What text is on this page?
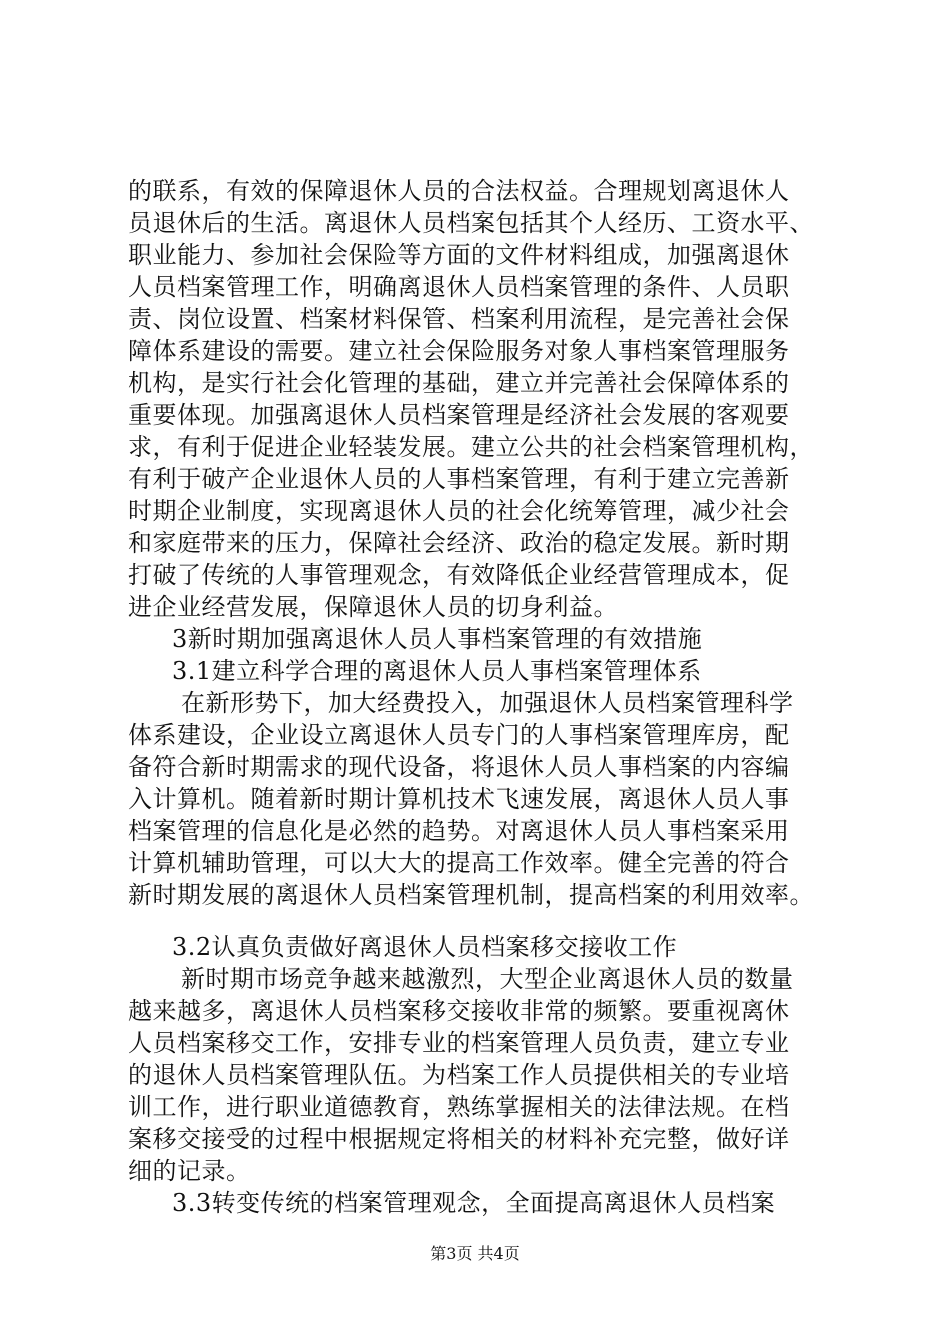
的联系，有效的保障退休人员的合法权益。合理规划离退休人
员退休后的生活。离退休人员档案包括其个人经历、工资水平、
职业能力、参加社会保险等方面的文件材料组成，加强离退休
人员档案管理工作，明确离退休人员档案管理的条件、人员职
责、岗位设置、档案材料保管、档案利用流程，是完善社会保
障体系建设的需要。建立社会保险服务对象人事档案管理服务
机构，是实行社会化管理的基础，建立并完善社会保障体系的
重要体现。加强离退休人员档案管理是经济社会发展的客观要
求，有利于促进企业轻装发展。建立公共的社会档案管理机构，
有利于破产企业退休人员的人事档案管理，有利于建立完善新
时期企业制度，实现离退休人员的社会化统筹管理，减少社会
和家庭带来的压力，保障社会经济、政治的稳定发展。新时期
打破了传统的人事管理观念，有效降低企业经营管理成本，促
进企业经营发展，保障退休人员的切身利益。
3新时期加强离退休人员人事档案管理的有效措施
3.1建立科学合理的离退休人员人事档案管理体系
在新形势下，加大经费投入，加强退休人员档案管理科学
体系建设，企业设立离退休人员专门的人事档案管理库房，配
备符合新时期需求的现代设备，将退休人员人事档案的内容编
入计算机。随着新时期计算机技术飞速发展，离退休人员人事
档案管理的信息化是必然的趋势。对离退休人员人事档案采用
计算机辅助管理，可以大大的提高工作效率。健全完善的符合
新时期发展的离退休人员档案管理机制，提高档案的利用效率。
3.2认真负责做好离退休人员档案移交接收工作
新时期市场竞争越来越激烈，大型企业离退休人员的数量
越来越多，离退休人员档案移交接收非常的频繁。要重视离休
人员档案移交工作，安排专业的档案管理人员负责，建立专业
的退休人员档案管理队伍。为档案工作人员提供相关的专业培
训工作，进行职业道德教育，熟练掌握相关的法律法规。在档
案移交接受的过程中根据规定将相关的材料补充完整，做好详
细的记录。
3.3转变传统的档案管理观念，全面提高离退休人员档案
第3页 共4页
